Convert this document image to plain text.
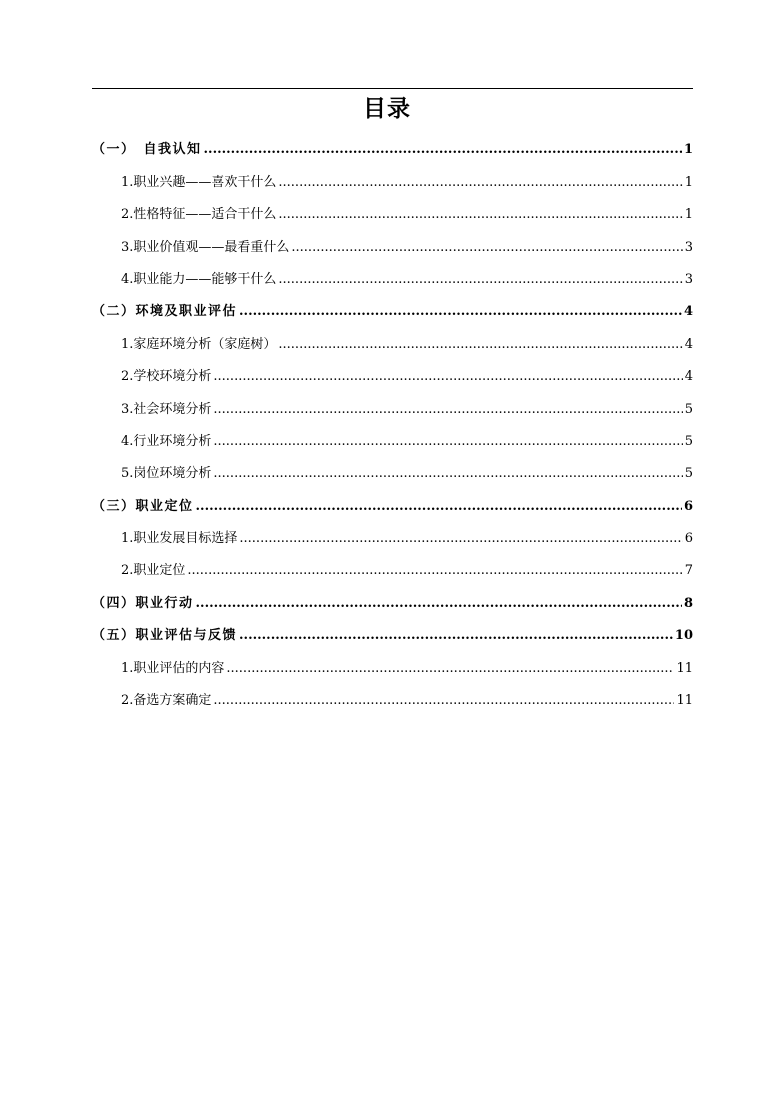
目录
（一）　自我认知 .....	1
1.职业兴趣——喜欢干什么 .....	1
2.性格特征——适合干什么 .....	1
3.职业价值观——最看重什么 .....	3
4.职业能力——能够干什么 .....	3
（二）环境及职业评估 .....	4
1.家庭环境分析（家庭树） .....	4
2.学校环境分析 .....	4
3.社会环境分析 .....	5
4.行业环境分析 .....	5
5.岗位环境分析 .....	5
（三）职业定位 .....	6
1.职业发展目标选择 .....	6
2.职业定位 .....	7
（四）职业行动 .....	8
（五）职业评估与反馈 .....	10
1.职业评估的内容 .....	11
2.备选方案确定 .....	11
